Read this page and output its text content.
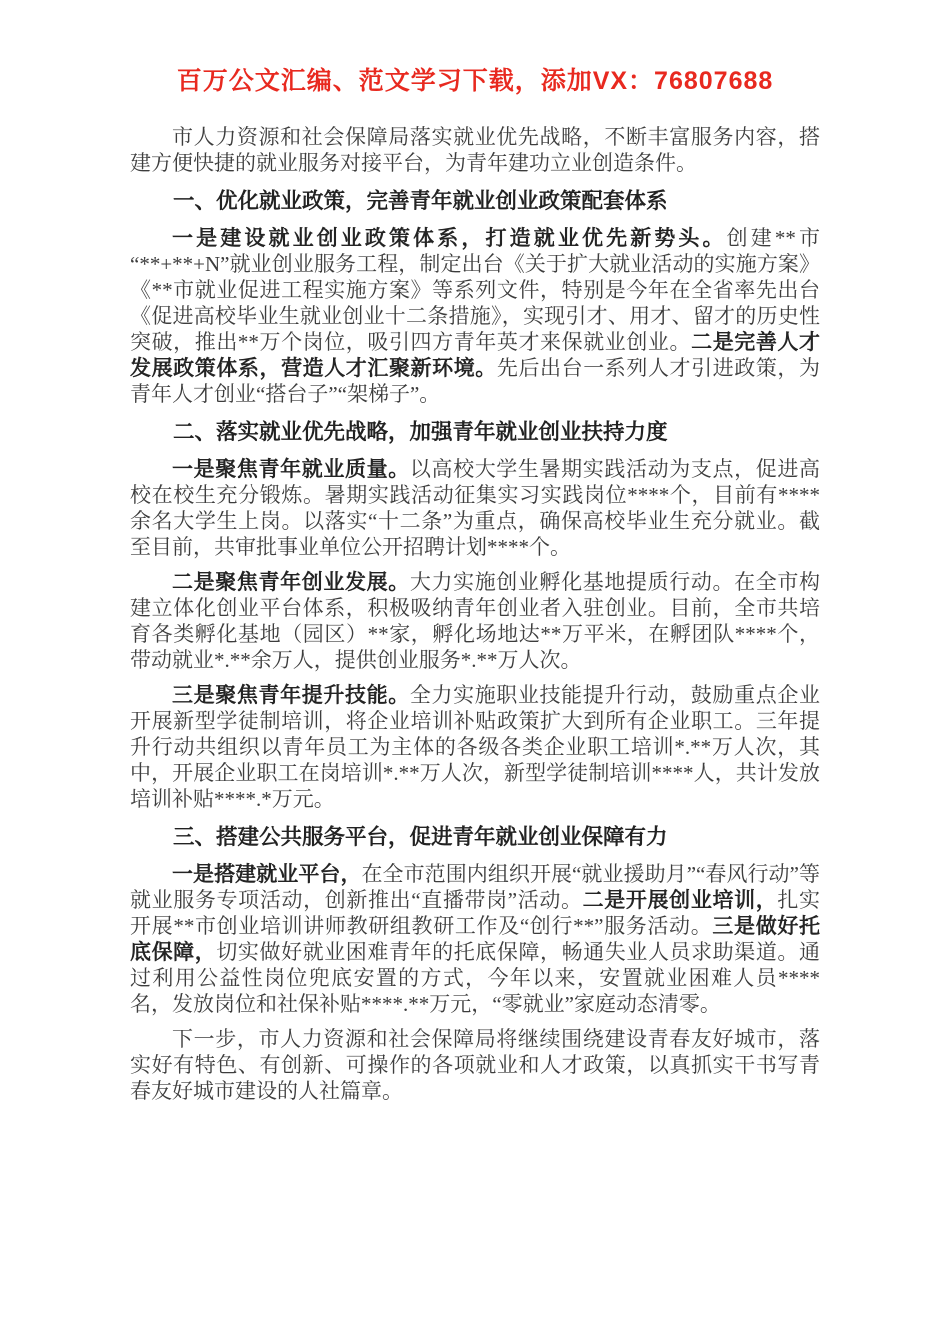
百万公文汇编、范文学习下载，添加VX：76807688

市人力资源和社会保障局落实就业优先战略，不断丰富服务内容，搭建方便快捷的就业服务对接平台，为青年建功立业创造条件。

一、优化就业政策，完善青年就业创业政策配套体系

一是建设就业创业政策体系，打造就业优先新势头。创建**市“**+**+N”就业创业服务工程，制定出台《关于扩大就业活动的实施方案》《**市就业促进工程实施方案》等系列文件，特别是今年在全省率先出台《促进高校毕业生就业创业十二条措施》，实现引才、用才、留才的历史性突破，推出**万个岗位，吸引四方青年英才来保就业创业。二是完善人才发展政策体系，营造人才汇聚新环境。先后出台一系列人才引进政策，为青年人才创业“搭台子”“架梯子”。

二、落实就业优先战略，加强青年就业创业扶持力度

一是聚焦青年就业质量。以高校大学生暑期实践活动为支点，促进高校在校生充分锻炼。暑期实践活动征集实习实践岗位****个，目前有****余名大学生上岗。以落实“十二条”为重点，确保高校毕业生充分就业。截至目前，共审批事业单位公开招聘计划****个。

二是聚焦青年创业发展。大力实施创业孵化基地提质行动。在全市构建立体化创业平台体系，积极吸纳青年创业者入驻创业。目前，全市共培育各类孵化基地（园区）**家，孵化场地达**万平米，在孵团队****个，带动就业*.**余万人，提供创业服务*.**万人次。

三是聚焦青年提升技能。全力实施职业技能提升行动，鼓励重点企业开展新型学徒制培训，将企业培训补贴政策扩大到所有企业职工。三年提升行动共组织以青年员工为主体的各级各类企业职工培训*.**万人次，其中，开展企业职工在岗培训*.**万人次，新型学徒制培训****人，共计发放培训补贴****.*万元。

三、搭建公共服务平台，促进青年就业创业保障有力

一是搭建就业平台，在全市范围内组织开展“就业援助月”“春风行动”等就业服务专项活动，创新推出“直播带岗”活动。二是开展创业培训，扎实开展**市创业培训讲师教研组教研工作及“创行**”服务活动。三是做好托底保障，切实做好就业困难青年的托底保障，畅通失业人员求助渠道。通过利用公益性岗位兜底安置的方式，今年以来，安置就业困难人员****名，发放岗位和社保补贴****.**万元，“零就业”家庭动态清零。

下一步，市人力资源和社会保障局将继续围绕建设青春友好城市，落实好有特色、有创新、可操作的各项就业和人才政策，以真抓实干书写青春友好城市建设的人社篇章。
